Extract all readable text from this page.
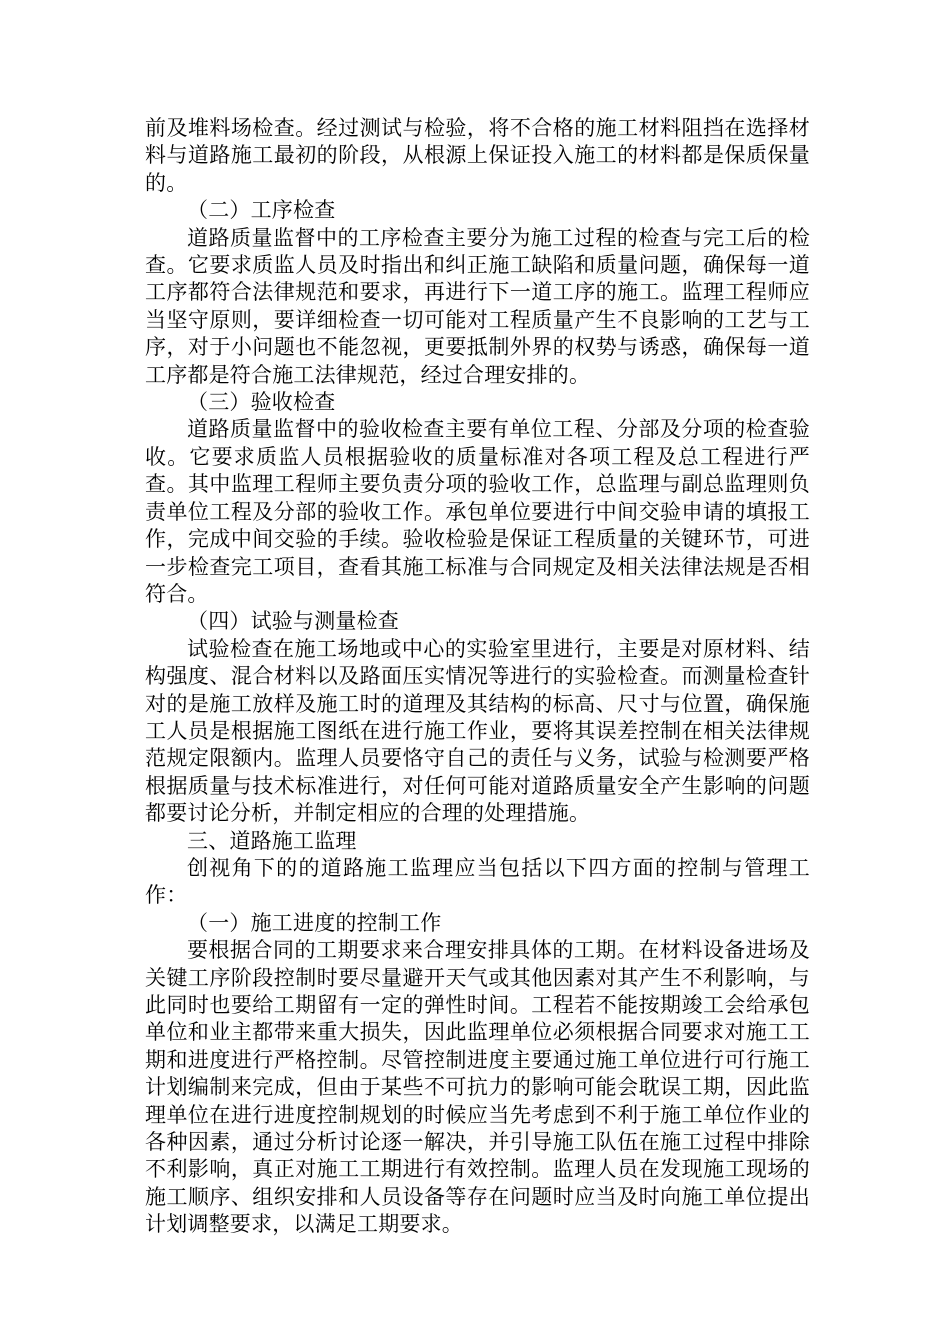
前及堆料场检查。经过测试与检验，将不合格的施工材料阻挡在选择材料与道路施工最初的阶段，从根源上保证投入施工的材料都是保质保量的。

（二）工序检查

道路质量监督中的工序检查主要分为施工过程的检查与完工后的检查。它要求质监人员及时指出和纠正施工缺陷和质量问题，确保每一道工序都符合法律规范和要求，再进行下一道工序的施工。监理工程师应当坚守原则，要详细检查一切可能对工程质量产生不良影响的工艺与工序，对于小问题也不能忽视，更要抵制外界的权势与诱惑，确保每一道工序都是符合施工法律规范，经过合理安排的。

（三）验收检查

道路质量监督中的验收检查主要有单位工程、分部及分项的检查验收。它要求质监人员根据验收的质量标准对各项工程及总工程进行严查。其中监理工程师主要负责分项的验收工作，总监理与副总监理则负责单位工程及分部的验收工作。承包单位要进行中间交验申请的填报工作，完成中间交验的手续。验收检验是保证工程质量的关键环节，可进一步检查完工项目，查看其施工标准与合同规定及相关法律法规是否相符合。

（四）试验与测量检查

试验检查在施工场地或中心的实验室里进行，主要是对原材料、结构强度、混合材料以及路面压实情况等进行的实验检查。而测量检查针对的是施工放样及施工时的道理及其结构的标高、尺寸与位置，确保施工人员是根据施工图纸在进行施工作业，要将其误差控制在相关法律规范规定限额内。监理人员要恪守自己的责任与义务，试验与检测要严格根据质量与技术标准进行，对任何可能对道路质量安全产生影响的问题都要讨论分析，并制定相应的合理的处理措施。

三、道路施工监理

创视角下的的道路施工监理应当包括以下四方面的控制与管理工作：

（一）施工进度的控制工作

要根据合同的工期要求来合理安排具体的工期。在材料设备进场及关键工序阶段控制时要尽量避开天气或其他因素对其产生不利影响，与此同时也要给工期留有一定的弹性时间。工程若不能按期竣工会给承包单位和业主都带来重大损失，因此监理单位必须根据合同要求对施工工期和进度进行严格控制。尽管控制进度主要通过施工单位进行可行施工计划编制来完成，但由于某些不可抗力的影响可能会耽误工期，因此监理单位在进行进度控制规划的时候应当先考虑到不利于施工单位作业的各种因素，通过分析讨论逐一解决，并引导施工队伍在施工过程中排除不利影响，真正对施工工期进行有效控制。监理人员在发现施工现场的施工顺序、组织安排和人员设备等存在问题时应当及时向施工单位提出计划调整要求，以满足工期要求。
